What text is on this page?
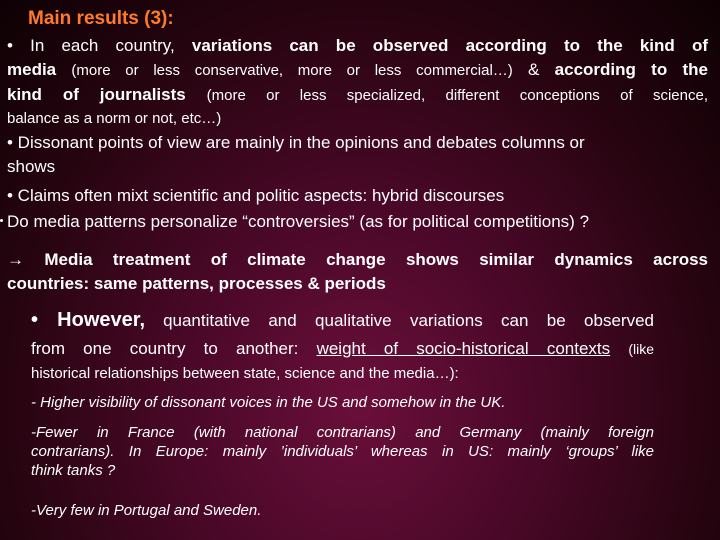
Main results (3):
• In each country, variations can be observed according to the kind of
media (more or less conservative, more or less commercial…) & according to the
kind of journalists (more or less specialized, different conceptions of science,
balance as a norm or not, etc…)
• Dissonant points of view are mainly in the opinions and debates columns or
shows
• Claims often mixt scientific and politic aspects: hybrid discourses
Do media patterns personalize “controversies” (as for political competitions) ?
→ Media treatment of climate change shows similar dynamics across
countries: same patterns, processes & periods
• However, quantitative and qualitative variations can be observed
from one country to another: weight of socio-historical contexts (like
historical relationships between state, science and the media…):
- Higher visibility of dissonant voices in the US and somehow in the UK.
-Fewer in France (with national contrarians) and Germany (mainly foreign
contrarians). In Europe: mainly ’individuals’ whereas in US: mainly ‘groups’ like
think tanks ?
-Very few in Portugal and Sweden.
